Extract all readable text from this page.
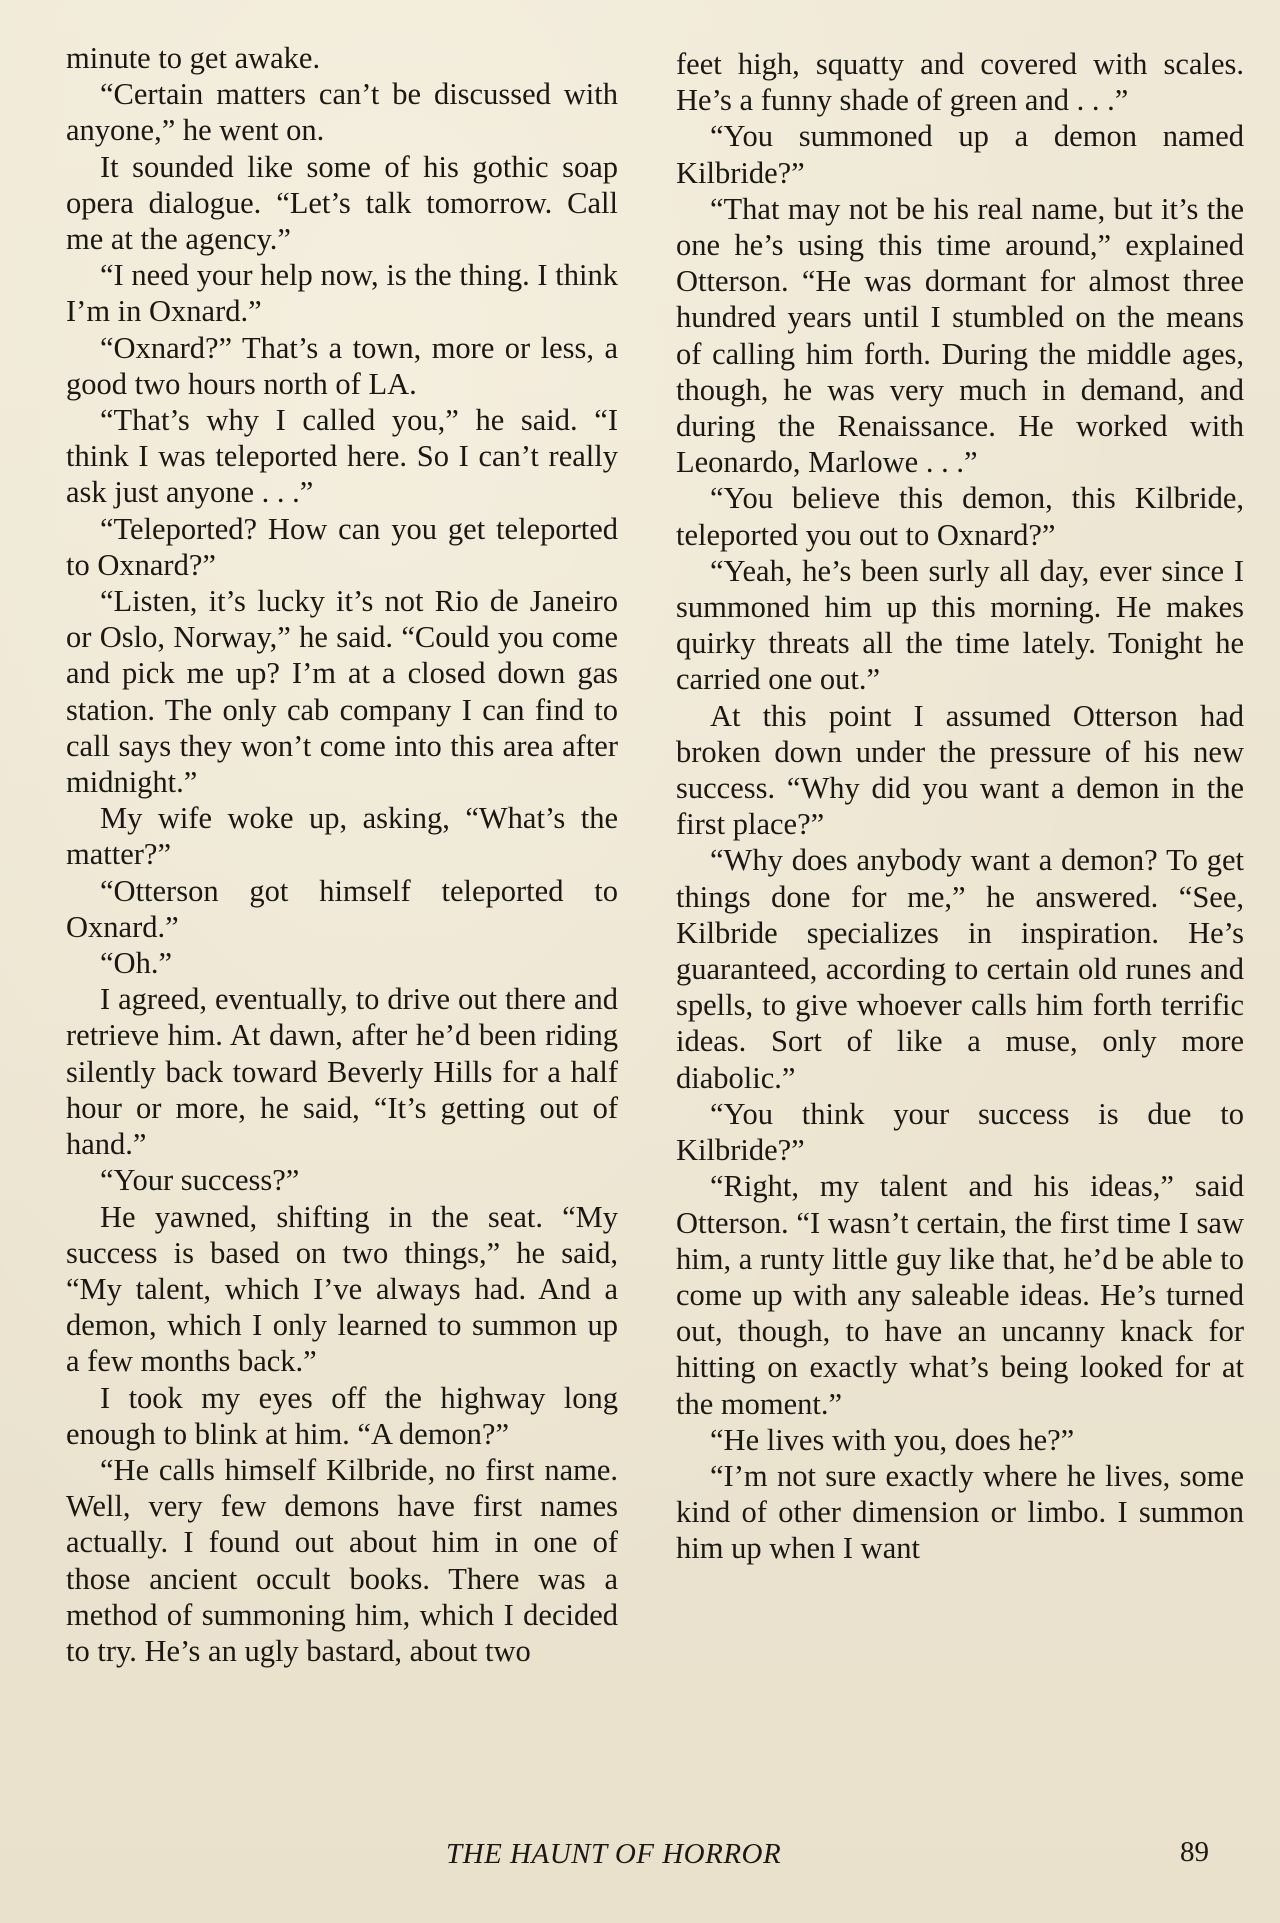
minute to get awake.

“Certain matters can’t be discussed with anyone,” he went on.

It sounded like some of his gothic soap opera dialogue. “Let’s talk tomorrow. Call me at the agency.”

“I need your help now, is the thing. I think I’m in Oxnard.”

“Oxnard?” That’s a town, more or less, a good two hours north of LA.

“That’s why I called you,” he said. “I think I was teleported here. So I can’t really ask just anyone . . .”

“Teleported? How can you get teleported to Oxnard?”

“Listen, it’s lucky it’s not Rio de Janeiro or Oslo, Norway,” he said. “Could you come and pick me up? I’m at a closed down gas station. The only cab company I can find to call says they won’t come into this area after midnight.”

My wife woke up, asking, “What’s the matter?”

“Otterson got himself teleported to Oxnard.”

“Oh.”

I agreed, eventually, to drive out there and retrieve him. At dawn, after he’d been riding silently back toward Beverly Hills for a half hour or more, he said, “It’s getting out of hand.”

“Your success?”

He yawned, shifting in the seat. “My success is based on two things,” he said, “My talent, which I’ve always had. And a demon, which I only learned to summon up a few months back.”

I took my eyes off the highway long enough to blink at him. “A demon?”

“He calls himself Kilbride, no first name. Well, very few demons have first names actually. I found out about him in one of those ancient occult books. There was a method of summoning him, which I decided to try. He’s an ugly bastard, about two

feet high, squatty and covered with scales. He’s a funny shade of green and . . .”

“You summoned up a demon named Kilbride?”

“That may not be his real name, but it’s the one he’s using this time around,” explained Otterson. “He was dormant for almost three hundred years until I stumbled on the means of calling him forth. During the middle ages, though, he was very much in demand, and during the Renaissance. He worked with Leonardo, Marlowe . . .”

“You believe this demon, this Kilbride, teleported you out to Oxnard?”

“Yeah, he’s been surly all day, ever since I summoned him up this morning. He makes quirky threats all the time lately. Tonight he carried one out.”

At this point I assumed Otterson had broken down under the pressure of his new success. “Why did you want a demon in the first place?”

“Why does anybody want a demon? To get things done for me,” he answered. “See, Kilbride specializes in inspiration. He’s guaranteed, according to certain old runes and spells, to give whoever calls him forth terrific ideas. Sort of like a muse, only more diabolic.”

“You think your success is due to Kilbride?”

“Right, my talent and his ideas,” said Otterson. “I wasn’t certain, the first time I saw him, a runty little guy like that, he’d be able to come up with any saleable ideas. He’s turned out, though, to have an uncanny knack for hitting on exactly what’s being looked for at the moment.”

“He lives with you, does he?”

“I’m not sure exactly where he lives, some kind of other dimension or limbo. I summon him up when I want

THE HAUNT OF HORROR	89
